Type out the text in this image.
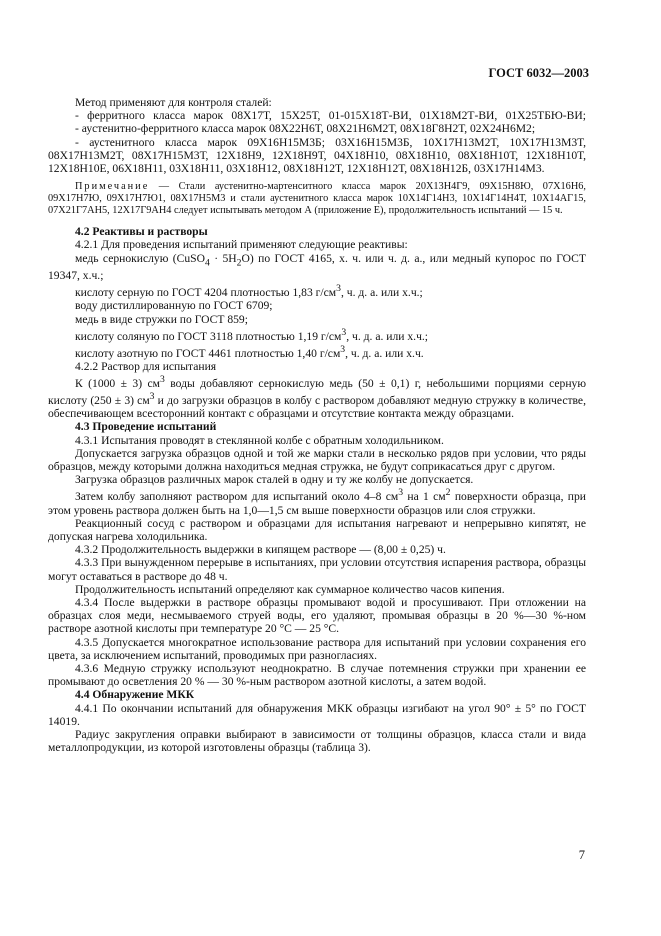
ГОСТ 6032—2003

Метод применяют для контроля сталей:

- ферритного класса марок 08Х17Т, 15Х25Т, 01-015Х18Т-ВИ, 01Х18М2Т-ВИ, 01Х25ТБЮ-ВИ;

- аустенитно-ферритного класса марок 08Х22Н6Т, 08Х21Н6М2Т, 08Х18Г8Н2Т, 02Х24Н6М2;

- аустенитного класса марок 09Х16Н15М3Б; 03Х16Н15М3Б, 10Х17Н13М2Т, 10Х17Н13М3Т, 08Х17Н13М2Т, 08Х17Н15М3Т, 12Х18Н9, 12Х18Н9Т, 04Х18Н10, 08Х18Н10, 08Х18Н10Т, 12Х18Н10Т, 12Х18Н10Е, 06Х18Н11, 03Х18Н11, 03Х18Н12, 08Х18Н12Т, 12Х18Н12Т, 08Х18Н12Б, 03Х17Н14М3.

Примечание — Стали аустенитно-мартенситного класса марок 20Х13Н4Г9, 09Х15Н8Ю, 07Х16Н6, 09Х17Н7Ю, 09Х17Н7Ю1, 08Х17Н5М3 и стали аустенитного класса марок 10Х14Г14Н3, 10Х14Г14Н4Т, 10Х14АГ15, 07Х21Г7АН5, 12Х17Г9АН4 следует испытывать методом А (приложение Е), продолжительность испытаний — 15 ч.

4.2 Реактивы и растворы

4.2.1 Для проведения испытаний применяют следующие реактивы:

медь сернокислую (CuSO$_4$ · $5H_2O$) по ГОСТ 4165, х. ч. или ч. д. а., или медный купорос по ГОСТ 19347, х.ч.;

кислоту серную по ГОСТ 4204 плотностью 1,83 $г/см^3$, ч. д. а. или х.ч.;

воду дистиллированную по ГОСТ 6709;

медь в виде стружки по ГОСТ 859;

кислоту соляную по ГОСТ 3118 плотностью 1,19 $г/см^3$, ч. д. а. или х.ч.;

кислоту азотную по ГОСТ 4461 плотностью 1,40 $г/см^3$, ч. д. а. или х.ч.

4.2.2 Раствор для испытания

К (1000 ± 3) $см^3$ воды добавляют сернокислую медь (50 ± 0,1) г, небольшими порциями серную кислоту (250 ± 3) $см^3$ и до загрузки образцов в колбу с раствором добавляют медную стружку в количестве, обеспечивающем всесторонний контакт с образцами и отсутствие контакта между образцами.

4.3 Проведение испытаний

4.3.1 Испытания проводят в стеклянной колбе с обратным холодильником.

Допускается загрузка образцов одной и той же марки стали в несколько рядов при условии, что ряды образцов, между которыми должна находиться медная стружка, не будут соприкасаться друг с другом.

Загрузка образцов различных марок сталей в одну и ту же колбу не допускается.

Затем колбу заполняют раствором для испытаний около 4–8 $см^3$ на 1 $см^2$ поверхности образца, при этом уровень раствора должен быть на 1,0—1,5 см выше поверхности образцов или слоя стружки.

Реакционный сосуд с раствором и образцами для испытания нагревают и непрерывно кипятят, не допуская нагрева холодильника.

4.3.2 Продолжительность выдержки в кипящем растворе — (8,00 ± 0,25) ч.

4.3.3 При вынужденном перерыве в испытаниях, при условии отсутствия испарения раствора, образцы могут оставаться в растворе до 48 ч.

Продолжительность испытаний определяют как суммарное количество часов кипения.

4.3.4 После выдержки в растворе образцы промывают водой и просушивают. При отложении на образцах слоя меди, несмываемого струей воды, его удаляют, промывая образцы в 20 %—30 %-ном растворе азотной кислоты при температуре 20 °С — 25 °С.

4.3.5 Допускается многократное использование раствора для испытаний при условии сохранения его цвета, за исключением испытаний, проводимых при разногласиях.

4.3.6 Медную стружку используют неоднократно. В случае потемнения стружки при хранении ее промывают до осветления 20 % — 30 %-ным раствором азотной кислоты, а затем водой.

4.4 Обнаружение МКК

4.4.1 По окончании испытаний для обнаружения МКК образцы изгибают на угол 90° ± 5° по ГОСТ 14019.

Радиус закругления оправки выбирают в зависимости от толщины образцов, класса стали и вида металлопродукции, из которой изготовлены образцы (таблица 3).

7
